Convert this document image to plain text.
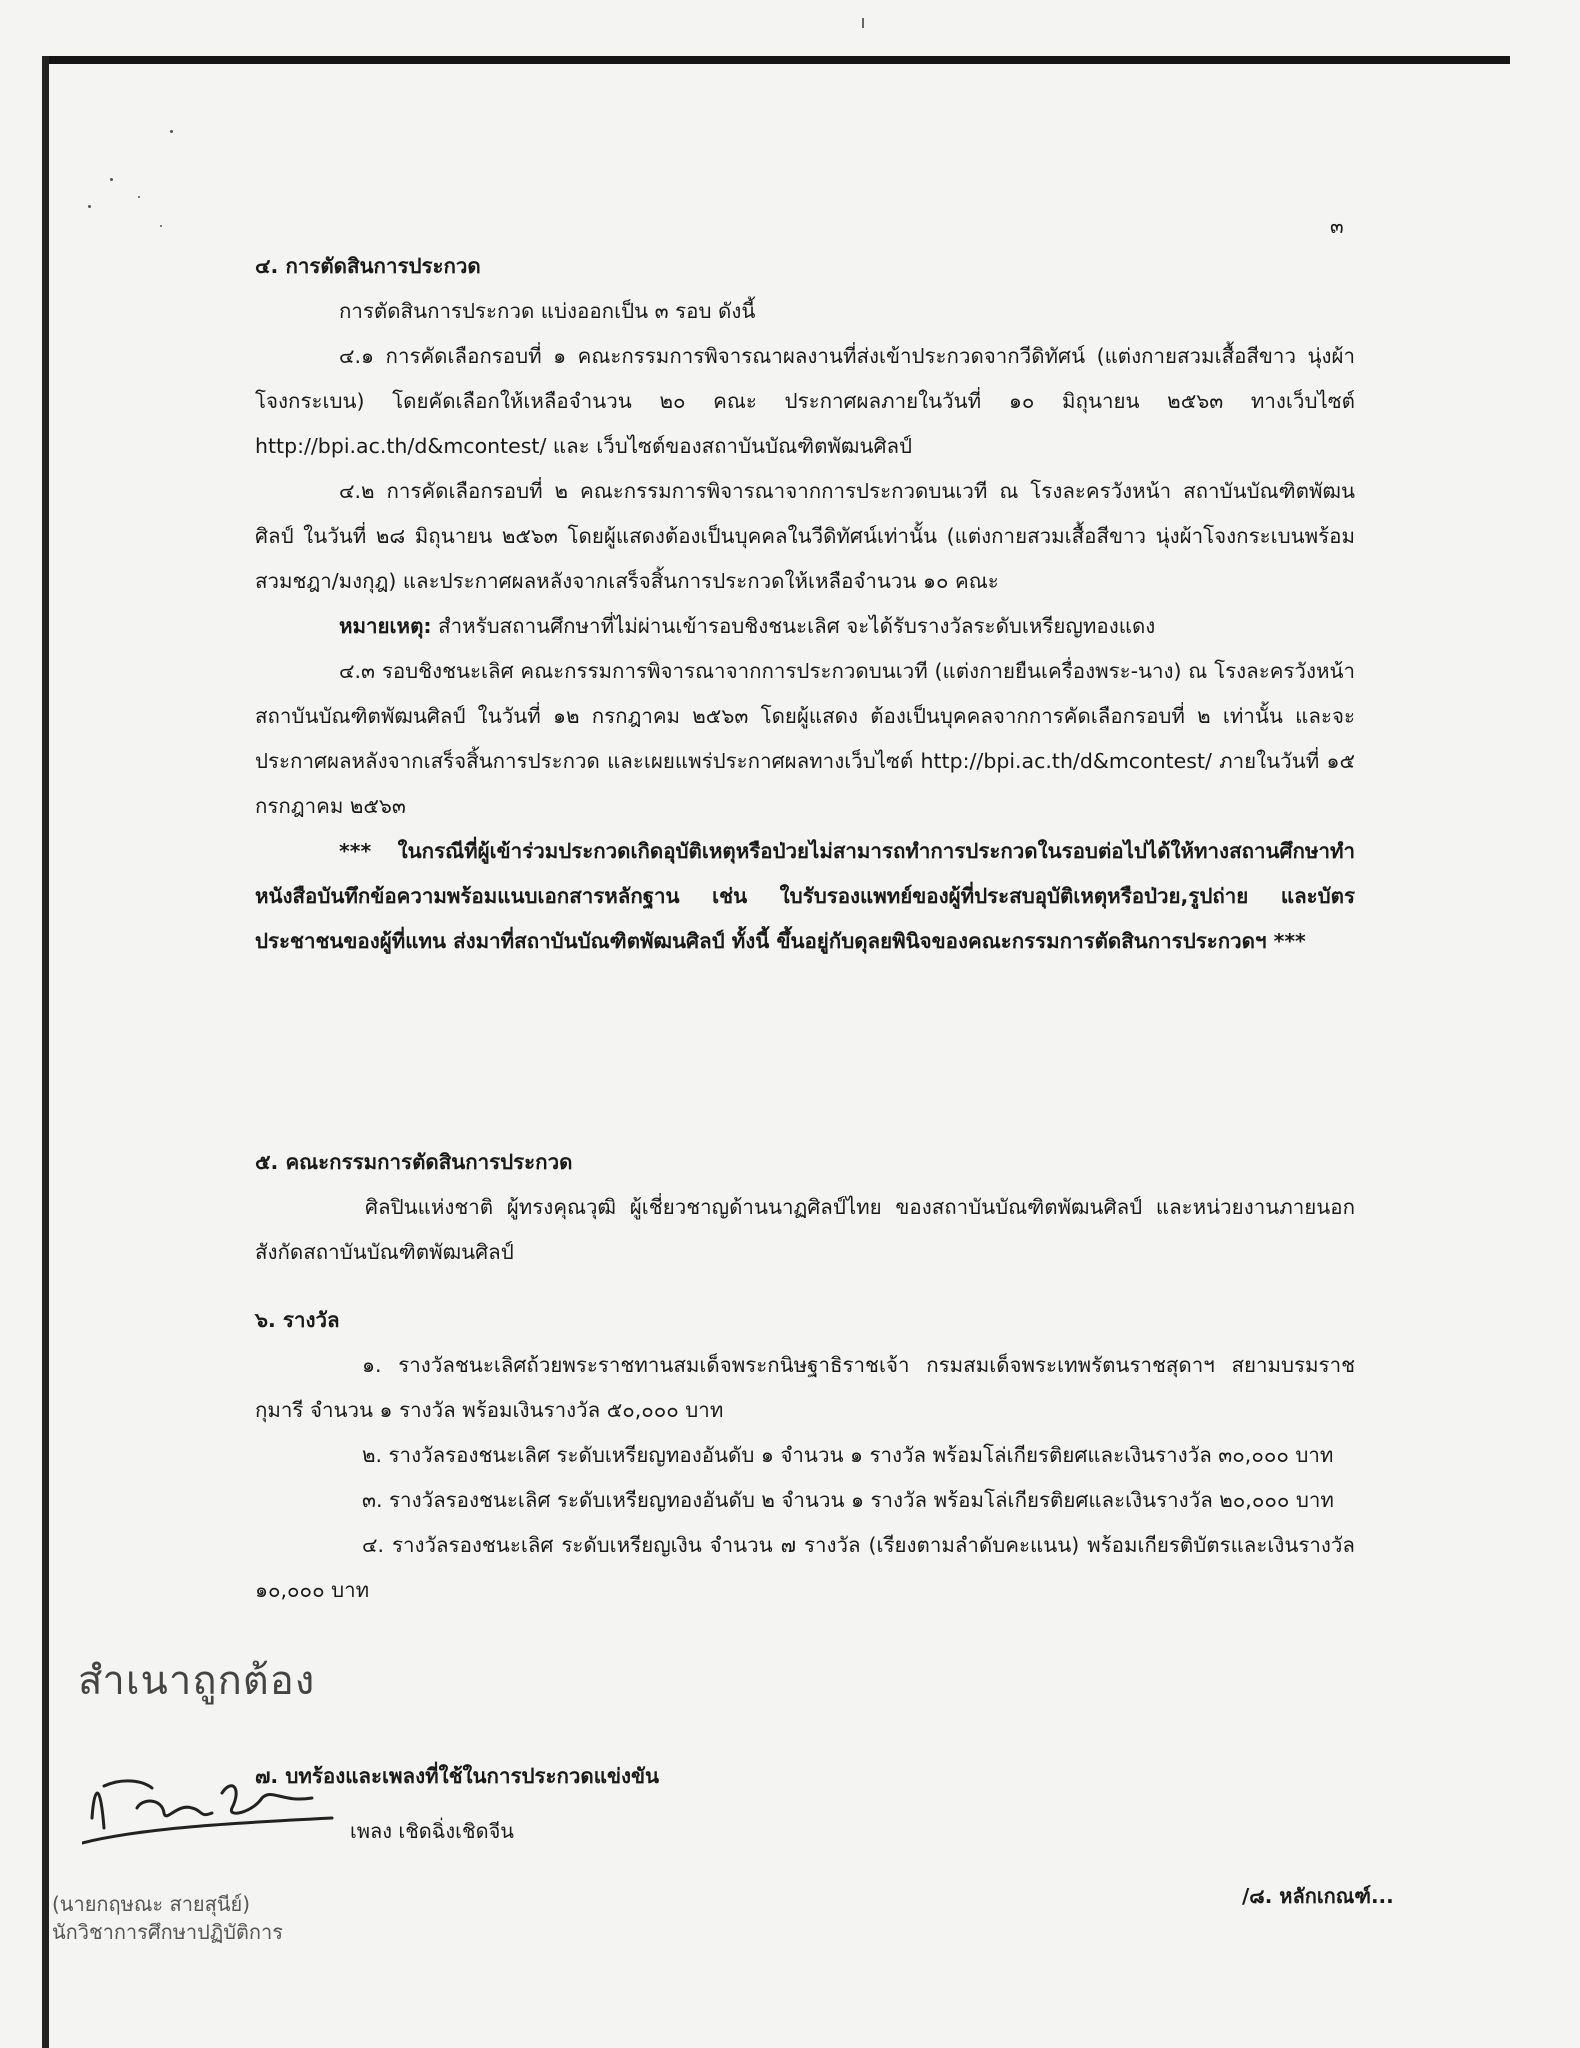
๓

๔. การตัดสินการประกวด

การตัดสินการประกวด แบ่งออกเป็น ๓ รอบ ดังนี้

๔.๑ การคัดเลือกรอบที่ ๑ คณะกรรมการพิจารณาผลงานที่ส่งเข้าประกวดจากวีดิทัศน์ (แต่งกายสวมเสื้อสีขาว นุ่งผ้าโจงกระเบน) โดยคัดเลือกให้เหลือจำนวน ๒๐ คณะ ประกาศผลภายในวันที่ ๑๐ มิถุนายน ๒๕๖๓ ทางเว็บไซต์ http://bpi.ac.th/d&mcontest/ และ เว็บไซต์ของสถาบันบัณฑิตพัฒนศิลป์

๔.๒ การคัดเลือกรอบที่ ๒ คณะกรรมการพิจารณาจากการประกวดบนเวที ณ โรงละครวังหน้า สถาบันบัณฑิตพัฒนศิลป์ ในวันที่ ๒๘ มิถุนายน ๒๕๖๓ โดยผู้แสดงต้องเป็นบุคคลในวีดิทัศน์เท่านั้น (แต่งกายสวมเสื้อสีขาว นุ่งผ้าโจงกระเบนพร้อมสวมชฎา/มงกุฎ) และประกาศผลหลังจากเสร็จสิ้นการประกวดให้เหลือจำนวน ๑๐ คณะ

หมายเหตุ: สำหรับสถานศึกษาที่ไม่ผ่านเข้ารอบชิงชนะเลิศ จะได้รับรางวัลระดับเหรียญทองแดง

๔.๓ รอบชิงชนะเลิศ คณะกรรมการพิจารณาจากการประกวดบนเวที (แต่งกายยืนเครื่องพระ-นาง) ณ โรงละครวังหน้า สถาบันบัณฑิตพัฒนศิลป์ ในวันที่ ๑๒ กรกฎาคม ๒๕๖๓ โดยผู้แสดง ต้องเป็นบุคคลจากการคัดเลือกรอบที่ ๒ เท่านั้น และจะประกาศผลหลังจากเสร็จสิ้นการประกวด และเผยแพร่ประกาศผลทางเว็บไซต์ http://bpi.ac.th/d&mcontest/ ภายในวันที่ ๑๕ กรกฎาคม ๒๕๖๓

*** ในกรณีที่ผู้เข้าร่วมประกวดเกิดอุบัติเหตุหรือป่วยไม่สามารถทำการประกวดในรอบต่อไปได้ให้ทางสถานศึกษาทำหนังสือบันทึกข้อความพร้อมแนบเอกสารหลักฐาน เช่น ใบรับรองแพทย์ของผู้ที่ประสบอุบัติเหตุหรือป่วย,รูปถ่าย และบัตรประชาชนของผู้ที่แทน ส่งมาที่สถาบันบัณฑิตพัฒนศิลป์ ทั้งนี้ ขึ้นอยู่กับดุลยพินิจของคณะกรรมการตัดสินการประกวดฯ ***

๕. คณะกรรมการตัดสินการประกวด

ศิลปินแห่งชาติ ผู้ทรงคุณวุฒิ ผู้เชี่ยวชาญด้านนาฏศิลป์ไทย ของสถาบันบัณฑิตพัฒนศิลป์ และหน่วยงานภายนอกสังกัดสถาบันบัณฑิตพัฒนศิลป์

๖. รางวัล

๑. รางวัลชนะเลิศถ้วยพระราชทานสมเด็จพระกนิษฐาธิราชเจ้า กรมสมเด็จพระเทพรัตนราชสุดาฯ สยามบรมราชกุมารี จำนวน ๑ รางวัล พร้อมเงินรางวัล ๕๐,๐๐๐ บาท

๒. รางวัลรองชนะเลิศ ระดับเหรียญทองอันดับ ๑ จำนวน ๑ รางวัล พร้อมโล่เกียรติยศและเงินรางวัล ๓๐,๐๐๐ บาท

๓. รางวัลรองชนะเลิศ ระดับเหรียญทองอันดับ ๒ จำนวน ๑ รางวัล พร้อมโล่เกียรติยศและเงินรางวัล ๒๐,๐๐๐ บาท

๔. รางวัลรองชนะเลิศ ระดับเหรียญเงิน จำนวน ๗ รางวัล (เรียงตามลำดับคะแนน) พร้อมเกียรติบัตรและเงินรางวัล ๑๐,๐๐๐ บาท

๗. บทร้องและเพลงที่ใช้ในการประกวดแข่งขัน

เพลง เชิดฉิ่งเชิดจีน
สำเนาถูกต้อง
(นายกฤษณะ สายสุนีย์)
นักวิชาการศึกษาปฏิบัติการ
/๘. หลักเกณฑ์...
